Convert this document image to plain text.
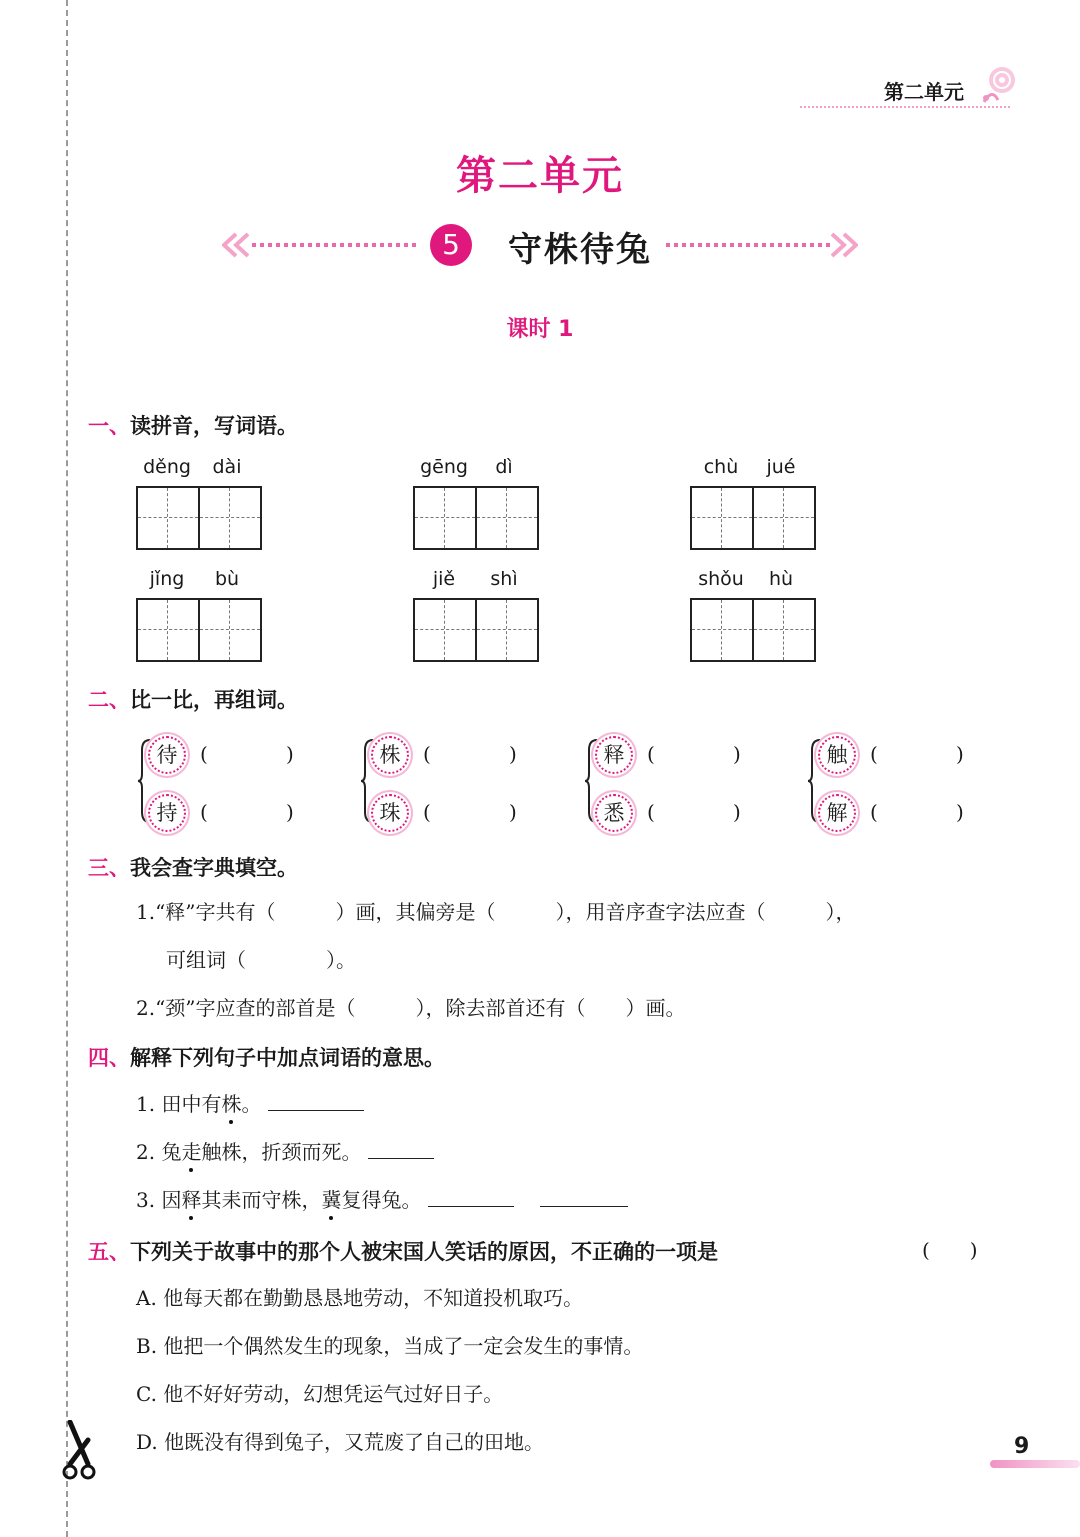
第二单元
第二单元
5	守株待兔
课时 1
一、读拼音，写词语。
děng	dài	gēng	dì	chù	jué
jǐng	bù	jiě	shì	shǒu	hù
二、比一比，再组词。
待	(	)
持	(	)
株	(	)
珠	(	)
释	(	)
悉	(	)
触	(	)
解	(	)
三、我会查字典填空。
1.“释”字共有（　　　）画，其偏旁是（　　　），用音序查字法应查（　　　），
可组词（　　　　）。
2.“颈”字应查的部首是（　　　），除去部首还有（　　）画。
四、解释下列句子中加点词语的意思。
1. 田中有株。
2. 兔走触株，折颈而死。
3. 因释其耒而守株，冀复得兔。
五、下列关于故事中的那个人被宋国人笑话的原因，不正确的一项是	(　　)
A. 他每天都在勤勤恳恳地劳动，不知道投机取巧。
B. 他把一个偶然发生的现象，当成了一定会发生的事情。
C. 他不好好劳动，幻想凭运气过好日子。
D. 他既没有得到兔子，又荒废了自己的田地。	9
